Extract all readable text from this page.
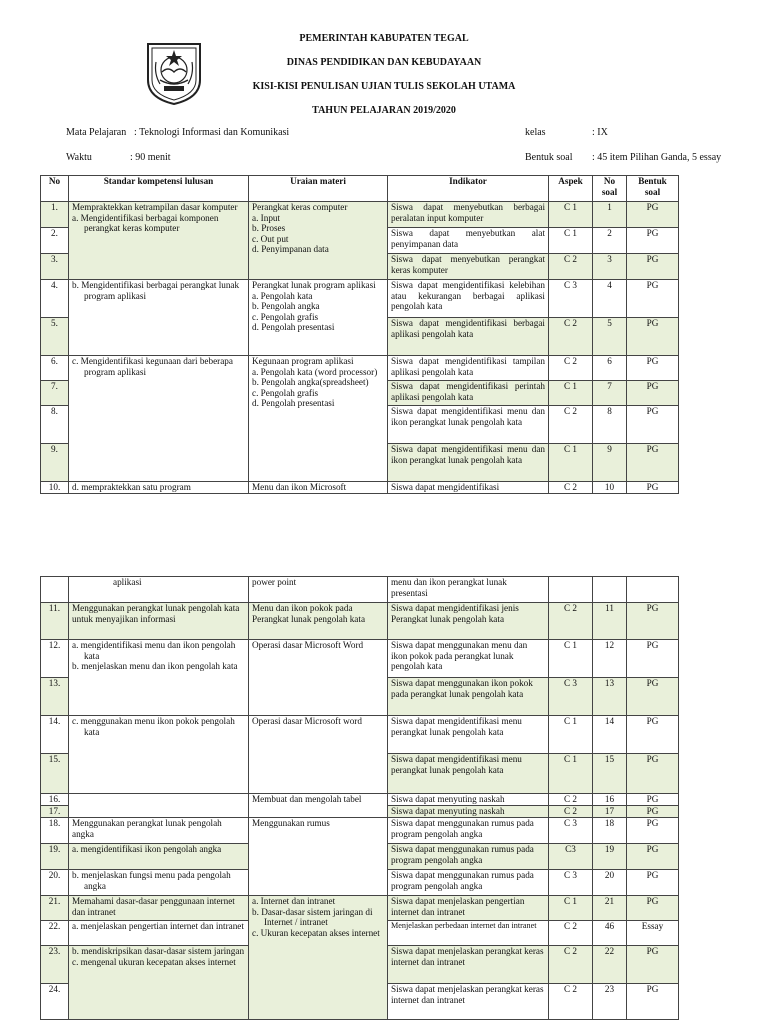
PEMERINTAH KABUPATEN TEGAL
DINAS PENDIDIKAN DAN KEBUDAYAAN
KISI-KISI PENULISAN UJIAN TULIS SEKOLAH UTAMA
TAHUN PELAJARAN 2019/2020
Mata Pelajaran : Teknologi Informasi dan Komunikasi	kelas	: IX
Waktu	: 90 menit	Bentuk soal : 45 item Pilihan Ganda, 5 essay
No	Standar kompetensi lulusan	Uraian materi	Indikator	Aspek	No soal	Bentuk soal
1.	Mempraktekkan ketrampilan dasar komputer
a. Mengidentifikasi berbagai komponen perangkat keras komputer	Perangkat keras computer
a. Input
b. Proses
c. Out put
d. Penyimpanan data	Siswa dapat menyebutkan berbagai peralatan input komputer	C 1	1	PG
2.			Siswa dapat menyebutkan alat penyimpanan data	C 1	2	PG
3.			Siswa dapat menyebutkan perangkat keras komputer	C 2	3	PG
4.	b. Mengidentifikasi berbagai perangkat lunak program aplikasi	Perangkat lunak program aplikasi
a. Pengolah kata
b. Pengolah angka
c. Pengolah grafis
d. Pengolah presentasi	Siswa dapat mengidentifikasi kelebihan atau kekurangan berbagai aplikasi pengolah kata	C 3	4	PG
5.			Siswa dapat mengidentifikasi berbagai aplikasi pengolah kata	C 2	5	PG
6.	c. Mengidentifikasi kegunaan dari beberapa program aplikasi	Kegunaan program aplikasi
a. Pengolah kata (word processor)
b. Pengolah angka(spreadsheet)
c. Pengolah grafis
d. Pengolah presentasi	Siswa dapat mengidentifikasi tampilan aplikasi pengolah kata	C 2	6	PG
7.			Siswa dapat mengidentifikasi perintah aplikasi pengolah kata	C 1	7	PG
8.			Siswa dapat mengidentifikasi menu dan ikon perangkat lunak pengolah kata	C 2	8	PG
9.			Siswa dapat mengidentifikasi menu dan ikon perangkat lunak pengolah kata	C 1	9	PG
10.	d. mempraktekkan satu program	Menu dan ikon Microsoft	Siswa dapat mengidentifikasi	C 2	10	PG
	aplikasi	power point	menu dan ikon perangkat lunak presentasi			
11.	Menggunakan perangkat lunak pengolah kata untuk menyajikan informasi	Menu dan ikon pokok pada Perangkat lunak pengolah kata	Siswa dapat mengidentifikasi jenis Perangkat lunak pengolah kata	C 2	11	PG
12.	a. mengidentifikasi menu dan ikon pengolah kata
b. menjelaskan menu dan ikon pengolah kata	Operasi dasar Microsoft Word	Siswa dapat menggunakan menu dan ikon pokok pada perangkat lunak pengolah kata	C 1	12	PG
13.			Siswa dapat menggunakan ikon pokok pada perangkat lunak pengolah kata	C 3	13	PG
14.	c. menggunakan menu ikon pokok pengolah kata	Operasi dasar Microsoft word	Siswa dapat mengidentifikasi menu perangkat lunak pengolah kata	C 1	14	PG
15.			Siswa dapat mengidentifikasi menu perangkat lunak pengolah kata	C 1	15	PG
16.		Membuat dan mengolah tabel	Siswa dapat menyuting naskah	C 2	16	PG
17.			Siswa dapat menyuting naskah	C 2	17	PG
18.	Menggunakan perangkat lunak pengolah angka	Menggunakan rumus	Siswa dapat menggunakan rumus pada program pengolah angka	C 3	18	PG
19.	a. mengidentifikasi ikon pengolah angka		Siswa dapat menggunakan rumus pada program pengolah angka	C3	19	PG
20.	b. menjelaskan fungsi menu pada pengolah angka		Siswa dapat menggunakan rumus pada program pengolah angka	C 3	20	PG
21.	Memahami dasar-dasar penggunaan internet dan intranet	a. Internet dan intranet
b. Dasar-dasar sistem jaringan di Internet / intranet
c. Ukuran kecepatan akses internet	Siswa dapat menjelaskan pengertian internet dan intranet	C 1	21	PG
22.	a. menjelaskan pengertian internet dan intranet		Menjelaskan perbedaan internet dan intranet	C 2	46	Essay
23.	b. mendiskripsikan dasar-dasar sistem jaringan
c. mengenal ukuran kecepatan akses internet		Siswa dapat menjelaskan perangkat keras internet dan intranet	C 2	22	PG
24.			Siswa dapat menjelaskan perangkat keras internet dan intranet	C 2	23	PG
